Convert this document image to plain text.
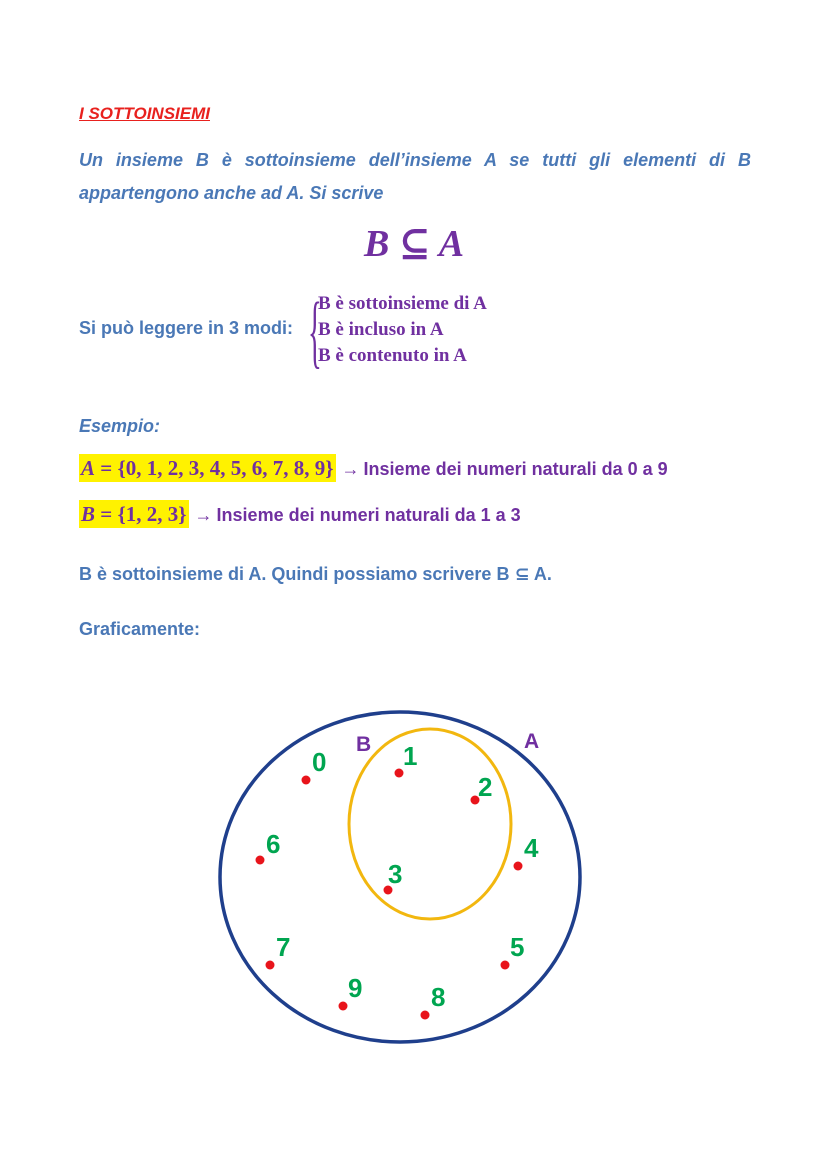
I SOTTOINSIEMI
Un insieme B è sottoinsieme dell’insieme A se tutti gli elementi di B appartengono anche ad A. Si scrive
B ⊆ A
Si può leggere in 3 modi: {
B è sottoinsieme di A
B è incluso in A
B è contenuto in A
Esempio:
A = {0, 1, 2, 3, 4, 5, 6, 7, 8, 9} → Insieme dei numeri naturali da 0 a 9
B = {1, 2, 3} → Insieme dei numeri naturali da 1 a 3
B è sottoinsieme di A. Quindi possiamo scrivere B ⊆ A.
Graficamente:
B	A
0	1
2
3
4
5
6
7
8
9
